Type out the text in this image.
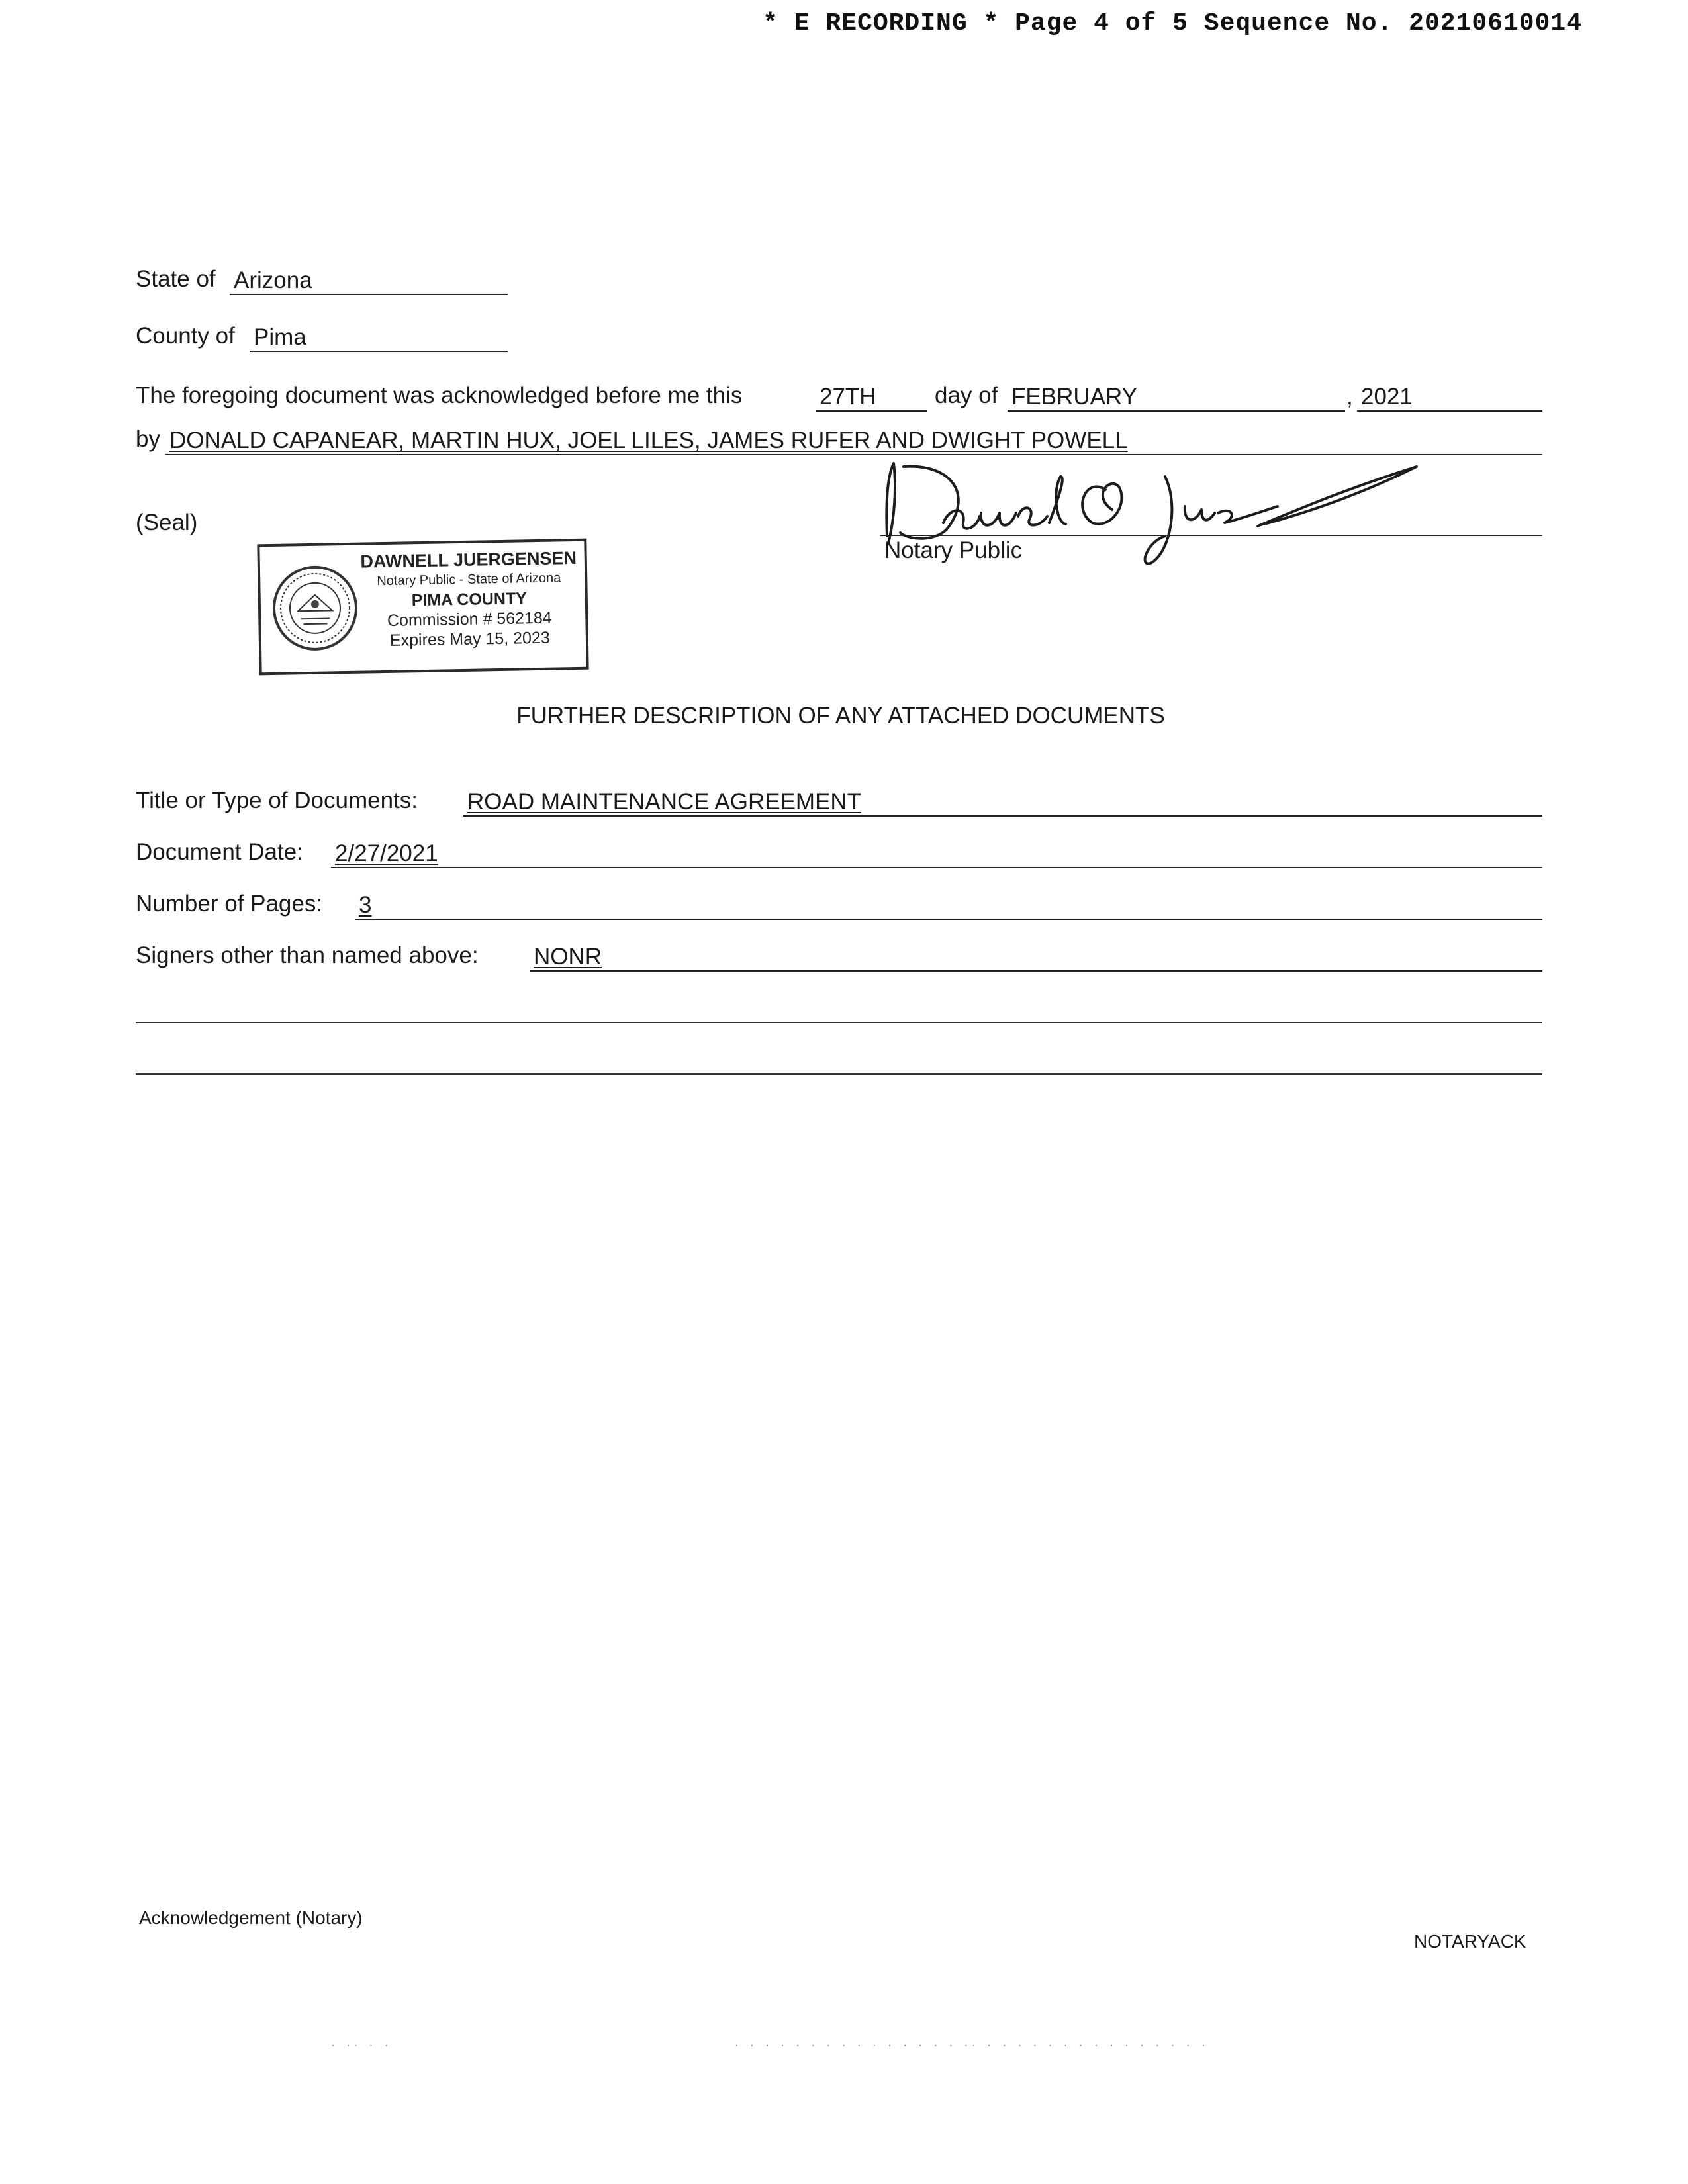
* E RECORDING * Page 4 of 5 Sequence No. 20210610014
State of Arizona
County of Pima
The foregoing document was acknowledged before me this	27TH	day of FEBRUARY	, 2021
by DONALD CAPANEAR, MARTIN HUX, JOEL LILES, JAMES RUFER AND DWIGHT POWELL
(Seal)
Notary Public
DAWNELL JUERGENSEN
Notary Public - State of Arizona
PIMA COUNTY
Commission # 562184
Expires May 15, 2023
FURTHER DESCRIPTION OF ANY ATTACHED DOCUMENTS
Title or Type of Documents: ROAD MAINTENANCE AGREEMENT
Document Date: 2/27/2021
Number of Pages: 3
Signers other than named above: NONR
Acknowledgement (Notary)
NOTARYACK
. .. . .	. . . . . . . . . . . . . . . .. . . . . . . . . . . . . . . .
